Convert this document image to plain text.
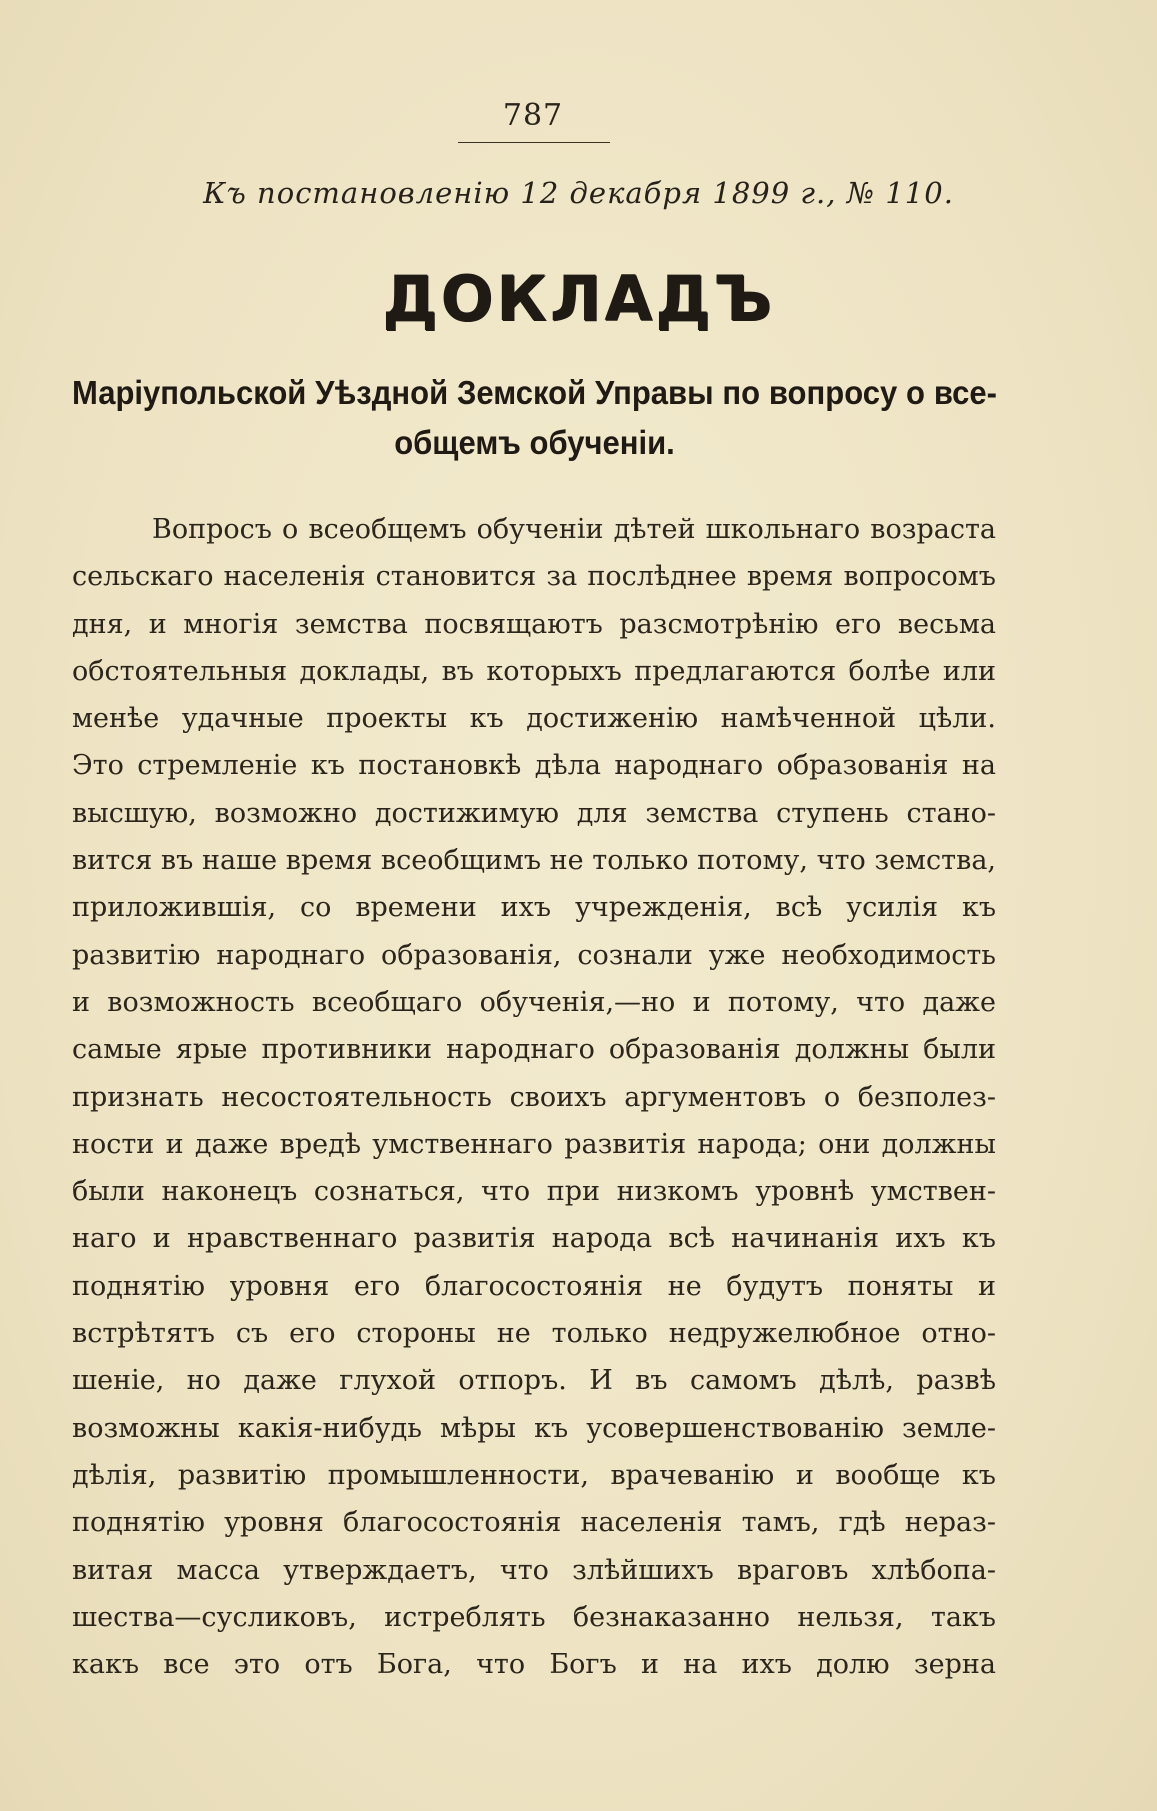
787
Къ постановленію 12 декабря 1899 г., № 110.
ДОКЛАДЪ
Маріупольской Уѣздной Земской Управы по вопросу о все-общемъ обученіи.
Вопросъ о всеобщемъ обученіи дѣтей школьнаго возраста
сельскаго населенія становится за послѣднее время вопросомъ
дня, и многія земства посвящаютъ разсмотрѣнію его весьма
обстоятельныя доклады, въ которыхъ предлагаются болѣе или
менѣе удачные проекты къ достиженію намѣченной цѣли.
Это стремленіе къ постановкѣ дѣла народнаго образованія на
высшую, возможно достижимую для земства ступень стано-
вится въ наше время всеобщимъ не только потому, что земства,
приложившія, со времени ихъ учрежденія, всѣ усилія къ
развитію народнаго образованія, сознали уже необходимость
и возможность всеобщаго обученія,—но и потому, что даже
самые ярые противники народнаго образованія должны были
признать несостоятельность своихъ аргументовъ о безполез-
ности и даже вредѣ умственнаго развитія народа; они должны
были наконецъ сознаться, что при низкомъ уровнѣ умствен-
наго и нравственнаго развитія народа всѣ начинанія ихъ къ
поднятію уровня его благосостоянія не будутъ поняты и
встрѣтятъ съ его стороны не только недружелюбное отно-
шеніе, но даже глухой отпоръ. И въ самомъ дѣлѣ, развѣ
возможны какія-нибудь мѣры къ усовершенствованію земле-
дѣлія, развитію промышленности, врачеванію и вообще къ
поднятію уровня благосостоянія населенія тамъ, гдѣ нераз-
витая масса утверждаетъ, что злѣйшихъ враговъ хлѣбопа-
шества—сусликовъ, истреблять безнаказанно нельзя, такъ
какъ все это отъ Бога, что Богъ и на ихъ долю зерна
